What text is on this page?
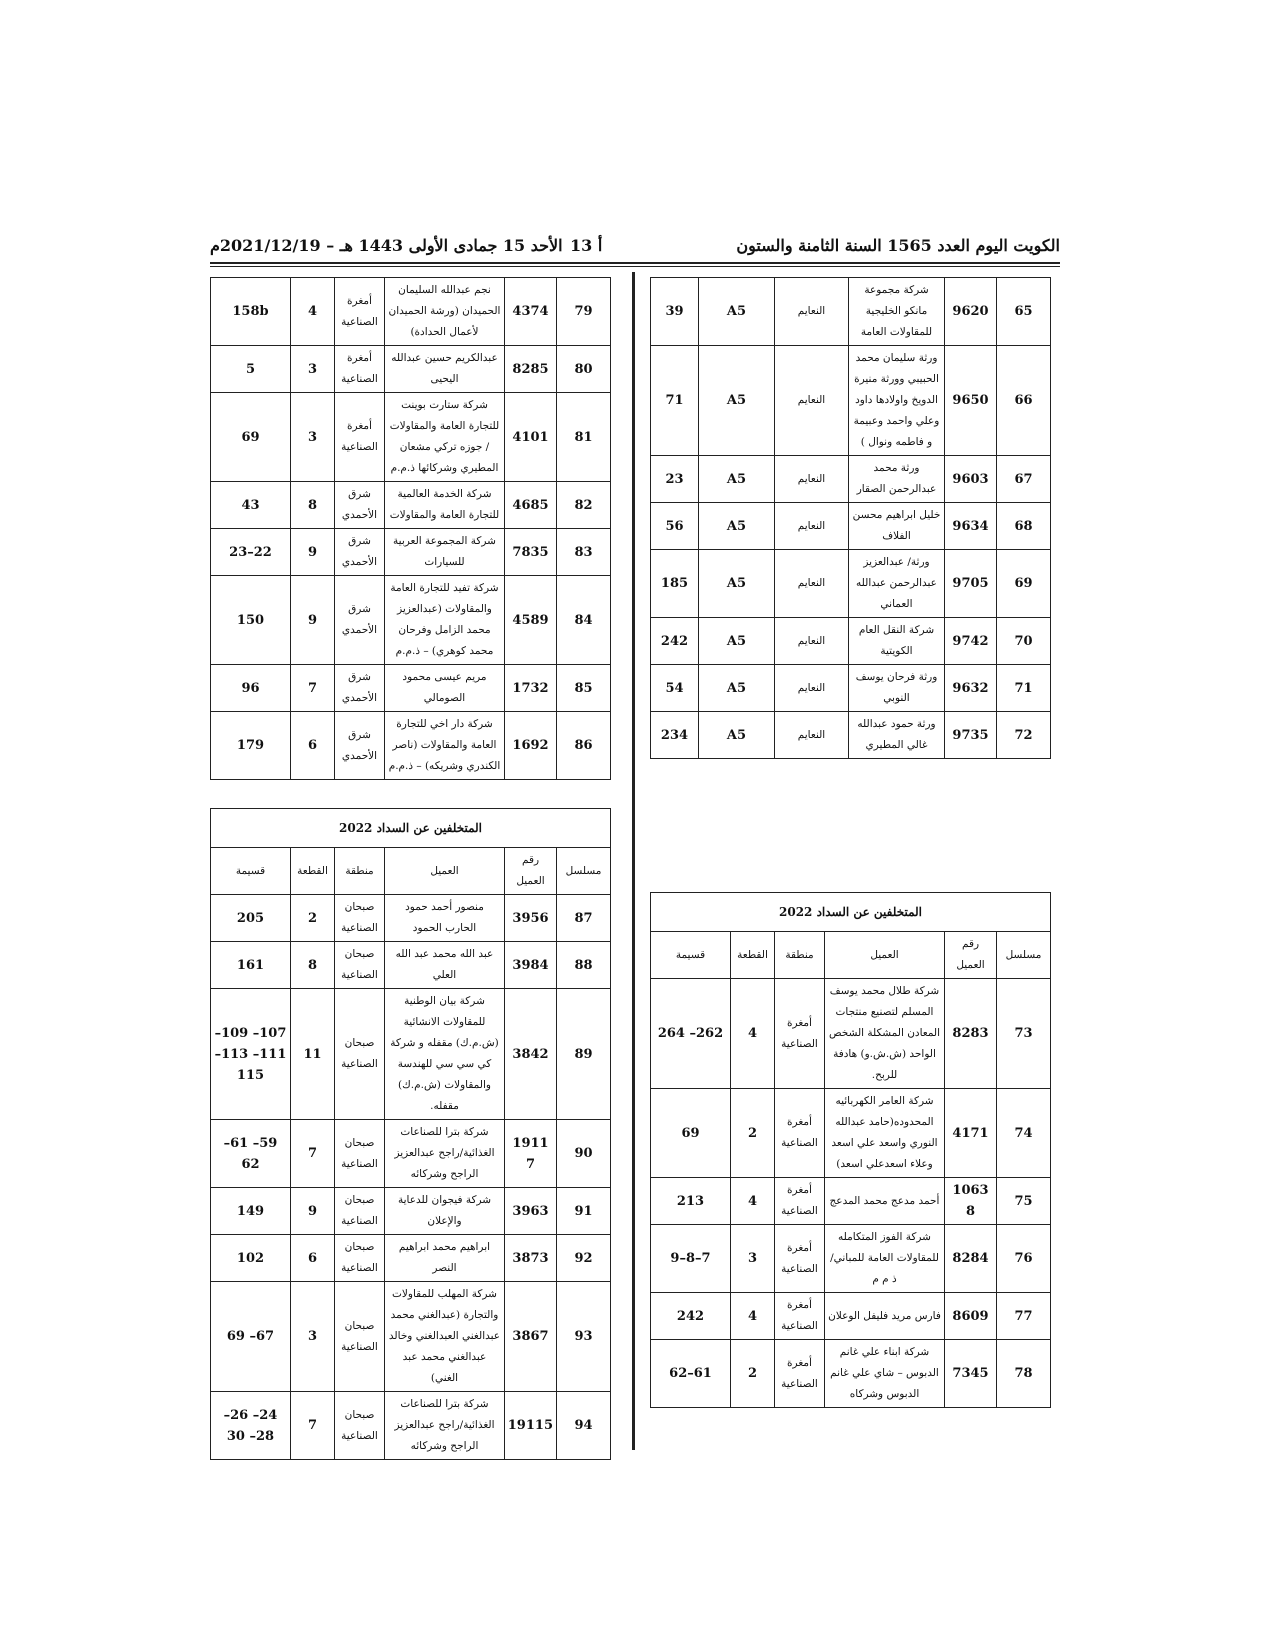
الكويت اليوم العدد 1565 السنة الثامنة والستون
أ 13
الأحد 15 جمادى الأولى 1443 هـ – 2021/12/19م
65	9620	شركة مجموعة مانكو الخليجية للمقاولات العامة	النعايم	A5	39
66	9650	ورثة سليمان محمد الحبيبي وورثة منيرة الدويخ واولادها داود وعلي واحمد وعبيمة و فاطمه ونوال )	النعايم	A5	71
67	9603	ورثة محمد عبدالرحمن الصقار	النعايم	A5	23
68	9634	خليل ابراهيم محسن الفلاف	النعايم	A5	56
69	9705	ورثة/ عبدالعزيز عبدالرحمن عبدالله العماني	النعايم	A5	185
70	9742	شركة النقل العام الكويتية	النعايم	A5	242
71	9632	ورثة فرحان يوسف النوبي	النعايم	A5	54
72	9735	ورثة حمود عبدالله غالي المطيري	النعايم	A5	234
المتخلفين عن السداد 2022					
مسلسل	رقم العميل	العميل	منطقة	القطعة	قسيمة
73	8283	شركة طلال محمد يوسف المسلم لتصنيع منتجات المعادن المشكلة الشخص الواحد (ش.ش.و) هادفة للربح.	أمغرة الصناعية	4	262– 264
74	4171	شركة العامر الكهربائيه المحدوده(حامد عبدالله النوري واسعد علي اسعد وعلاء اسعدعلي اسعد)	أمغرة الصناعية	2	69
75	1063 8	أحمد مدعج محمد المدعج	أمغرة الصناعية	4	213
76	8284	شركة الفوز المتكامله للمقاولات العامة للمباني/ذ م م	أمغرة الصناعية	3	7–8–9
77	8609	فارس مريد فليفل الوعلان	أمغرة الصناعية	4	242
78	7345	شركة ابناء علي غانم الدبوس – شاي علي غانم الدبوس وشركاه	أمغرة الصناعية	2	61–62
79	4374	نجم عبدالله السليمان الحميدان (ورشة الحميدان لأعمال الحدادة)	أمغرة الصناعية	4	158b
80	8285	عبدالكريم حسين عبدالله اليحيى	أمغرة الصناعية	3	5
81	4101	شركة ستارت بوينت للتجارة العامة والمقاولات / جوزه تركي مشعان المطيري وشركائها ذ.م.م	أمغرة الصناعية	3	69
82	4685	شركة الخدمة العالمية للتجارة العامة والمقاولات	شرق الأحمدي	8	43
83	7835	شركة المجموعة العربية للسيارات	شرق الأحمدي	9	22–23
84	4589	شركة تفيد للتجارة العامة والمقاولات (عبدالعزيز محمد الزامل وفرحان محمد كوهري) – ذ.م.م	شرق الأحمدي	9	150
85	1732	مريم عيسى محمود الصومالي	شرق الأحمدي	7	96
86	1692	شركة دار اخي للتجارة العامة والمقاولات (ناصر الكندري وشريكه) – ذ.م.م	شرق الأحمدي	6	179
المتخلفين عن السداد 2022					
مسلسل	رقم العميل	العميل	منطقة	القطعة	قسيمة
87	3956	منصور أحمد حمود الحارب الحمود	صبحان الصناعية	2	205
88	3984	عبد الله محمد عبد الله العلي	صبحان الصناعية	8	161
89	3842	شركة بيان الوطنية للمقاولات الانشائية (ش.م.ك) مقفله و شركة كي سي سي للهندسة والمقاولات (ش.م.ك) مقفله.	صبحان الصناعية	11	107– 109– 111– 113– 115
90	1911 7	شركة بترا للصناعات الغذائية/راجح عبدالعزيز الراجح وشركائه	صبحان الصناعية	7	59– 61– 62
91	3963	شركة فيجوان للدعاية والإعلان	صبحان الصناعية	9	149
92	3873	ابراهيم محمد ابراهيم النصر	صبحان الصناعية	6	102
93	3867	شركة المهلب للمقاولات والتجارة (عبدالغني محمد عبدالغني العبدالغني وخالد عبدالغني محمد عبد الغني)	صبحان الصناعية	3	67– 69
94	19115	شركة بترا للصناعات الغذائية/راجح عبدالعزيز الراجح وشركائه	صبحان الصناعية	7	24– 26– 28– 30
